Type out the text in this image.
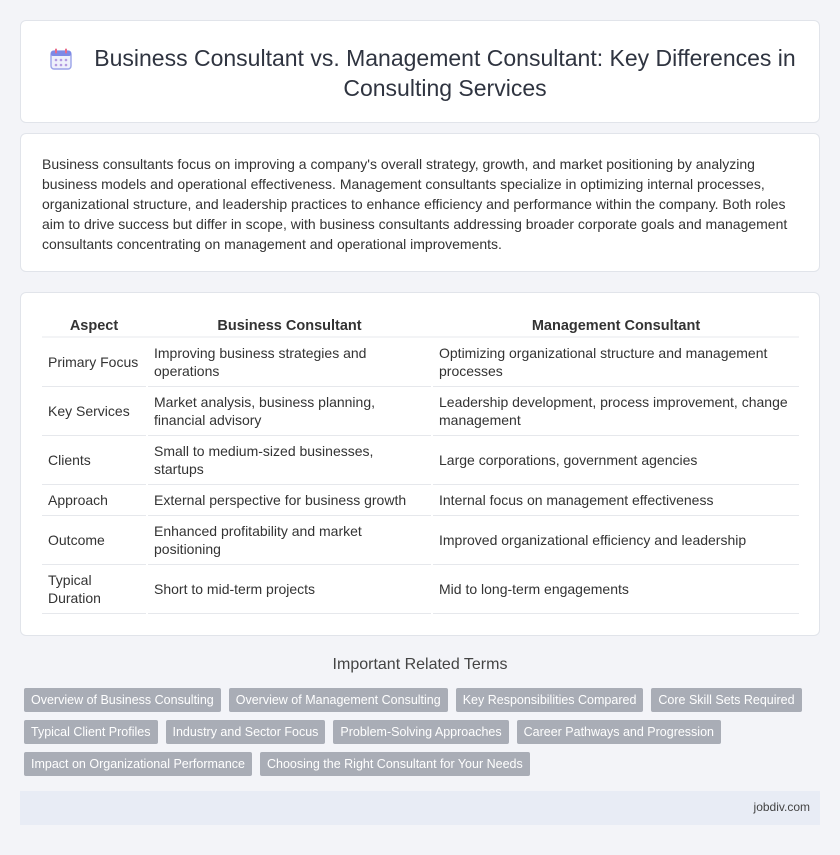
Business Consultant vs. Management Consultant: Key Differences in Consulting Services

Business consultants focus on improving a company's overall strategy, growth, and market positioning by analyzing business models and operational effectiveness. Management consultants specialize in optimizing internal processes, organizational structure, and leadership practices to enhance efficiency and performance within the company. Both roles aim to drive success but differ in scope, with business consultants addressing broader corporate goals and management consultants concentrating on management and operational improvements.

Aspect	Business Consultant	Management Consultant
Primary Focus	Improving business strategies and operations	Optimizing organizational structure and management processes
Key Services	Market analysis, business planning, financial advisory	Leadership development, process improvement, change management
Clients	Small to medium-sized businesses, startups	Large corporations, government agencies
Approach	External perspective for business growth	Internal focus on management effectiveness
Outcome	Enhanced profitability and market positioning	Improved organizational efficiency and leadership
Typical Duration	Short to mid-term projects	Mid to long-term engagements
Important Related Terms
Overview of Business Consulting	Overview of Management Consulting	Key Responsibilities Compared	Core Skill Sets Required
Typical Client Profiles	Industry and Sector Focus	Problem-Solving Approaches	Career Pathways and Progression
Impact on Organizational Performance	Choosing the Right Consultant for Your Needs
jobdiv.com
